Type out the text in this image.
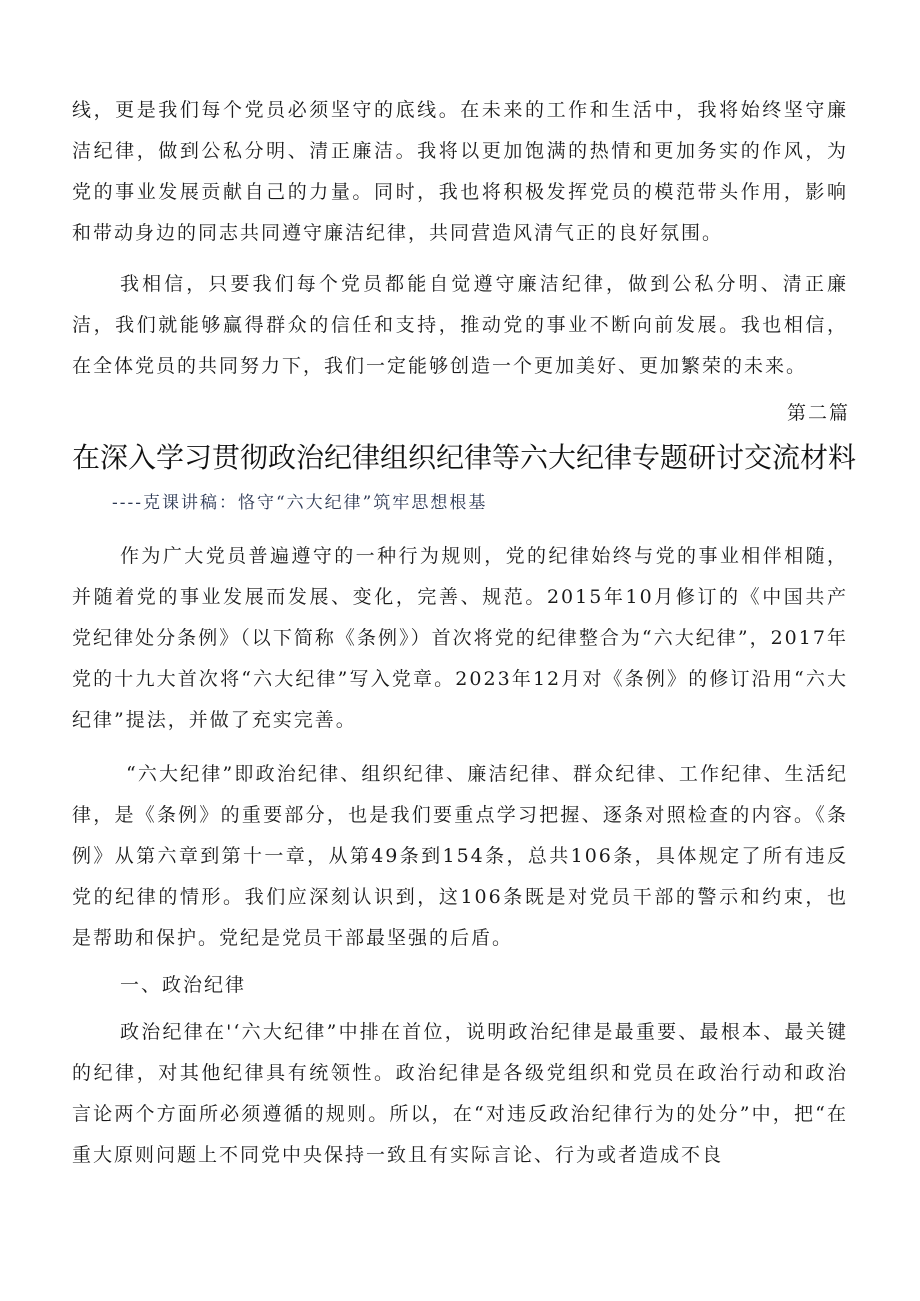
线，更是我们每个党员必须坚守的底线。在未来的工作和生活中，我将始终坚守廉洁纪律，做到公私分明、清正廉洁。我将以更加饱满的热情和更加务实的作风，为党的事业发展贡献自己的力量。同时，我也将积极发挥党员的模范带头作用，影响和带动身边的同志共同遵守廉洁纪律，共同营造风清气正的良好氛围。

我相信，只要我们每个党员都能自觉遵守廉洁纪律，做到公私分明、清正廉洁，我们就能够赢得群众的信任和支持，推动党的事业不断向前发展。我也相信，在全体党员的共同努力下，我们一定能够创造一个更加美好、更加繁荣的未来。

第二篇
在深入学习贯彻政治纪律组织纪律等六大纪律专题研讨交流材料
----克课讲稿：恪守“六大纪律”筑牢思想根基

作为广大党员普遍遵守的一种行为规则，党的纪律始终与党的事业相伴相随，并随着党的事业发展而发展、变化，完善、规范。2015年10月修订的《中国共产党纪律处分条例》（以下简称《条例》）首次将党的纪律整合为“六大纪律”，2017年党的十九大首次将“六大纪律”写入党章。2023年12月对《条例》的修订沿用“六大纪律”提法，并做了充实完善。

“六大纪律”即政治纪律、组织纪律、廉洁纪律、群众纪律、工作纪律、生活纪律，是《条例》的重要部分，也是我们要重点学习把握、逐条对照检查的内容。《条例》从第六章到第十一章，从第49条到154条，总共106条，具体规定了所有违反党的纪律的情形。我们应深刻认识到，这106条既是对党员干部的警示和约束，也是帮助和保护。党纪是党员干部最坚强的后盾。

一、政治纪律

政治纪律在'‘六大纪律”中排在首位，说明政治纪律是最重要、最根本、最关键的纪律，对其他纪律具有统领性。政治纪律是各级党组织和党员在政治行动和政治言论两个方面所必须遵循的规则。所以，在“对违反政治纪律行为的处分”中，把“在重大原则问题上不同党中央保持一致且有实际言论、行为或者造成不良
